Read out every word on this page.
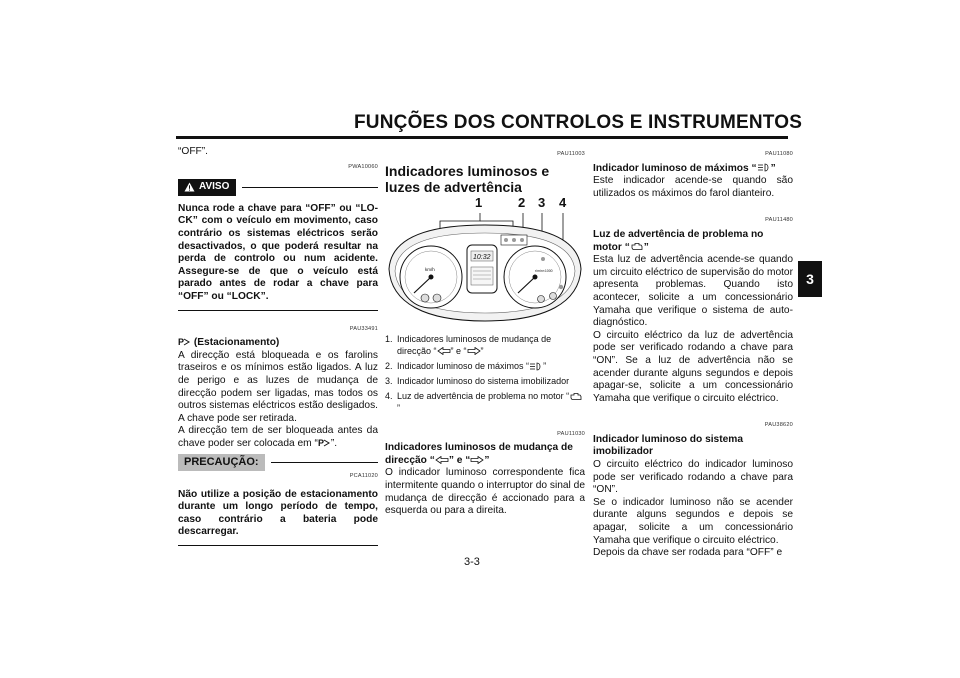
FUNÇÕES DOS CONTROLOS E INSTRUMENTOS
3

“OFF”.

PWA10060
AVISO

Nunca rode a chave para “OFF” ou “LO-CK” com o veículo em movimento, caso contrário os sistemas eléctricos serão desactivados, o que poderá resultar na perda de controlo ou num acidente. Assegure-se de que o veículo está parado antes de rodar a chave para “OFF” ou “LOCK”.

PAU33491

P (Estacionamento)

A direcção está bloqueada e os farolins traseiros e os mínimos estão ligados. A luz de perigo e as luzes de mudança de direcção podem ser ligadas, mas todos os outros sistemas eléctricos estão desligados. A chave pode ser retirada.

A direcção tem de ser bloqueada antes da chave poder ser colocada em “ P ”.

PRECAUÇÃO:
PCA11020

Não utilize a posição de estacionamento durante um longo período de tempo, caso contrário a bateria pode descarregar.

PAU11003
Indicadores luminosos e luzes de advertência
1	2 3 4
km/h
10:32
r/min×1000
1. Indicadores luminosos de mudança de direcção “ ” e “ ”
2. Indicador luminoso de máximos “ ”
3. Indicador luminoso do sistema imobilizador
4. Luz de advertência de problema no motor “”
PAU11030

Indicadores luminosos de mudança de direcção “ ” e “ ”

O indicador luminoso correspondente fica intermitente quando o interruptor do sinal de mudança de direcção é accionado para a esquerda ou para a direita.

PAU11080

Indicador luminoso de máximos “ ”

Este indicador acende-se quando são utilizados os máximos do farol dianteiro.

PAU11480

Luz de advertência de problema no motor “ ”

Esta luz de advertência acende-se quando um circuito eléctrico de supervisão do motor apresenta problemas. Quando isto acontecer, solicite a um concessionário Yamaha que verifique o sistema de auto-diagnóstico.

O circuito eléctrico da luz de advertência pode ser verificado rodando a chave para “ON”. Se a luz de advertência não se acender durante alguns segundos e depois apagar-se, solicite a um concessionário Yamaha que verifique o circuito eléctrico.

PAU38620

Indicador luminoso do sistema imobilizador

O circuito eléctrico do indicador luminoso pode ser verificado rodando a chave para “ON”.

Se o indicador luminoso não se acender durante alguns segundos e depois se apagar, solicite a um concessionário Yamaha que verifique o circuito eléctrico.

Depois da chave ser rodada para “OFF” e

3-3
